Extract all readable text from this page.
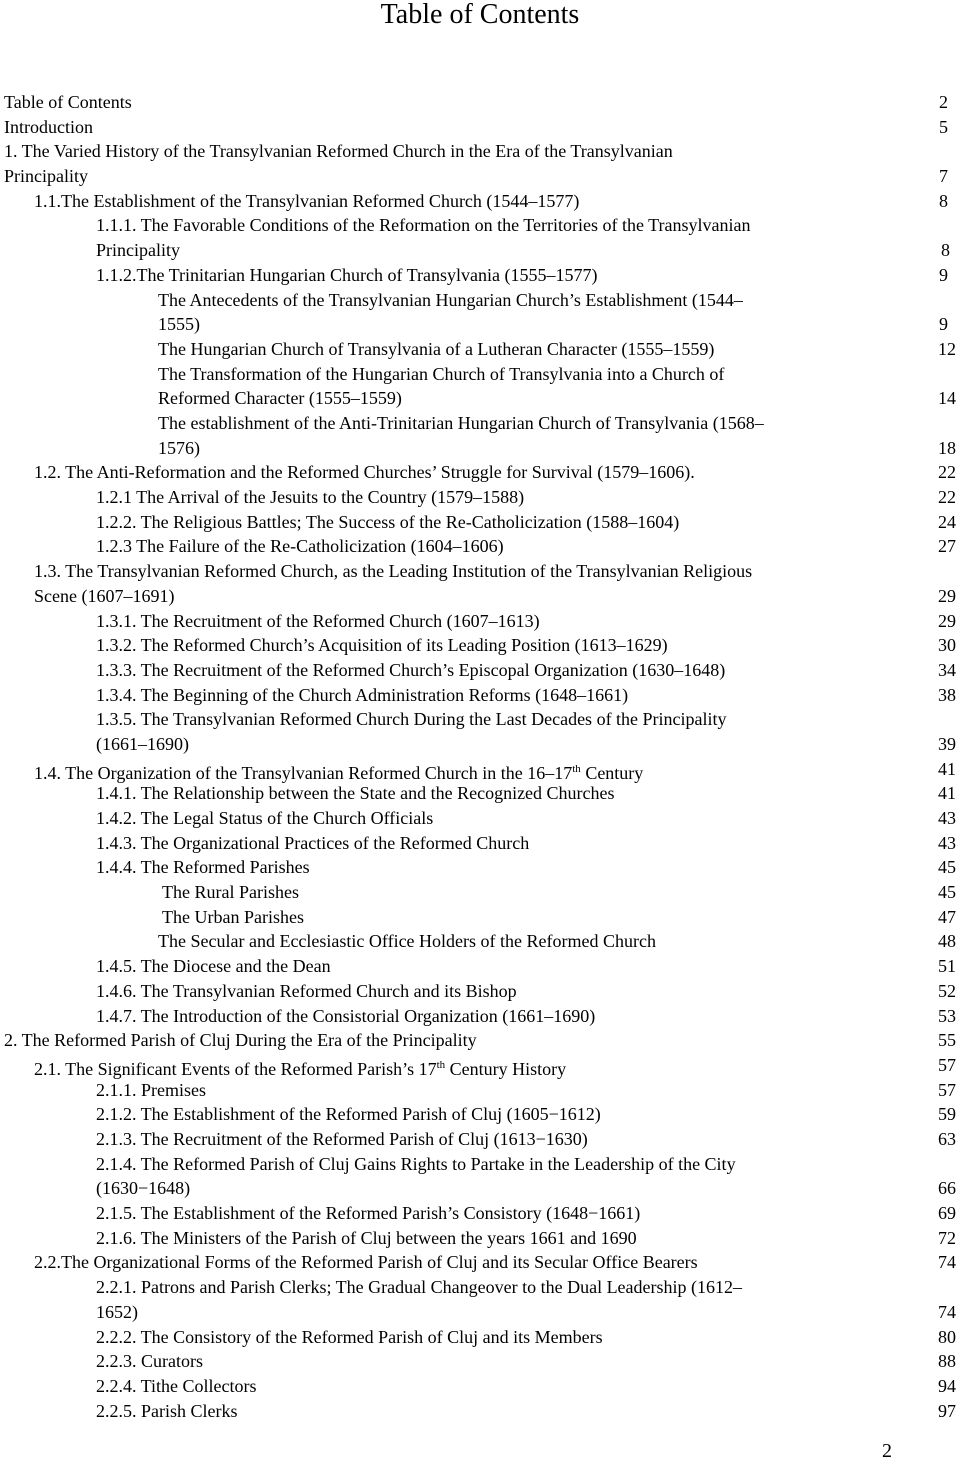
Table of Contents
Table of Contents	2
Introduction	5
1. The Varied History of the Transylvanian Reformed Church in the Era of the Transylvanian
Principality	7
1.1.The Establishment of the Transylvanian Reformed Church (1544–1577)	8
1.1.1. The Favorable Conditions of the Reformation on the Territories of the Transylvanian
Principality	8
1.1.2.The Trinitarian Hungarian Church of Transylvania (1555–1577)	9
The Antecedents of the Transylvanian Hungarian Church’s Establishment (1544–
1555)	9
The Hungarian Church of Transylvania of a Lutheran Character (1555–1559)	12
The Transformation of the Hungarian Church of Transylvania into a Church of
Reformed Character (1555–1559)	14
The establishment of the Anti-Trinitarian Hungarian Church of Transylvania (1568–
1576)	18
1.2. The Anti-Reformation and the Reformed Churches’ Struggle for Survival (1579–1606).	22
1.2.1 The Arrival of the Jesuits to the Country (1579–1588)	22
1.2.2. The Religious Battles; The Success of the Re-Catholicization (1588–1604)	24
1.2.3 The Failure of the Re-Catholicization (1604–1606)	27
1.3. The Transylvanian Reformed Church, as the Leading Institution of the Transylvanian Religious
Scene (1607–1691)	29
1.3.1. The Recruitment of the Reformed Church (1607–1613)	29
1.3.2. The Reformed Church’s Acquisition of its Leading Position (1613–1629)	30
1.3.3. The Recruitment of the Reformed Church’s Episcopal Organization (1630–1648)	34
1.3.4. The Beginning of the Church Administration Reforms (1648–1661)	38
1.3.5. The Transylvanian Reformed Church During the Last Decades of the Principality
(1661–1690)	39
1.4. The Organization of the Transylvanian Reformed Church in the 16–17th Century	41
1.4.1. The Relationship between the State and the Recognized Churches	41
1.4.2. The Legal Status of the Church Officials	43
1.4.3. The Organizational Practices of the Reformed Church	43
1.4.4. The Reformed Parishes	45
The Rural Parishes	45
The Urban Parishes	47
The Secular and Ecclesiastic Office Holders of the Reformed Church	48
1.4.5. The Diocese and the Dean	51
1.4.6. The Transylvanian Reformed Church and its Bishop	52
1.4.7. The Introduction of the Consistorial Organization (1661–1690)	53
2. The Reformed Parish of Cluj During the Era of the Principality	55
2.1. The Significant Events of the Reformed Parish’s 17th Century History	57
2.1.1. Premises	57
2.1.2. The Establishment of the Reformed Parish of Cluj (1605−1612)	59
2.1.3. The Recruitment of the Reformed Parish of Cluj (1613−1630)	63
2.1.4. The Reformed Parish of Cluj Gains Rights to Partake in the Leadership of the City
(1630−1648)	66
2.1.5. The Establishment of the Reformed Parish’s Consistory (1648−1661)	69
2.1.6. The Ministers of the Parish of Cluj between the years 1661 and 1690	72
2.2.The Organizational Forms of the Reformed Parish of Cluj and its Secular Office Bearers	74
2.2.1. Patrons and Parish Clerks; The Gradual Changeover to the Dual Leadership (1612–
1652)	74
2.2.2. The Consistory of the Reformed Parish of Cluj and its Members	80
2.2.3. Curators	88
2.2.4. Tithe Collectors	94
2.2.5. Parish Clerks	97
2
